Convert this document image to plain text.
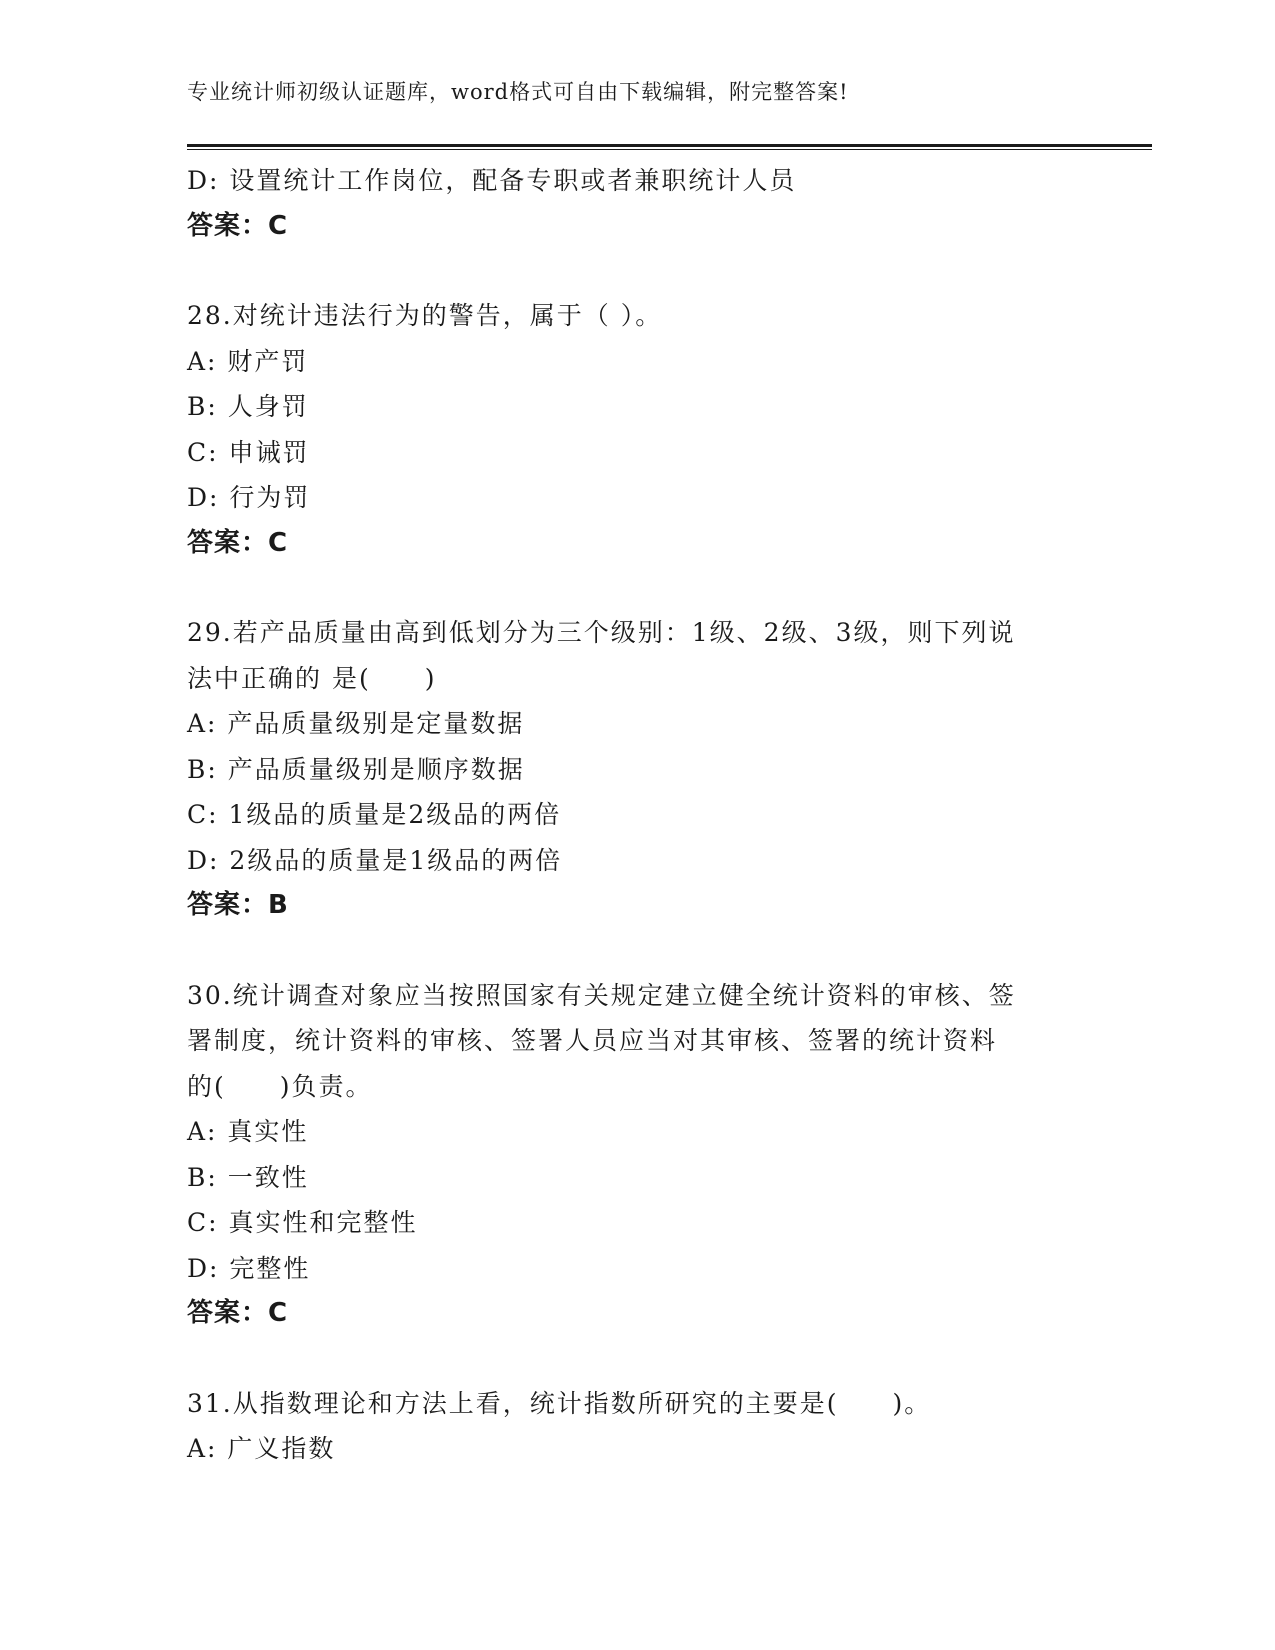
专业统计师初级认证题库，word格式可自由下载编辑，附完整答案!
D: 设置统计工作岗位，配备专职或者兼职统计人员
答案：C
28.对统计违法行为的警告，属于（ ）。
A: 财产罚
B: 人身罚
C: 申诫罚
D: 行为罚
答案：C
29.若产品质量由高到低划分为三个级别：1级、2级、3级，则下列说
法中正确的 是(　　)
A: 产品质量级别是定量数据
B: 产品质量级别是顺序数据
C: 1级品的质量是2级品的两倍
D: 2级品的质量是1级品的两倍
答案：B
30.统计调查对象应当按照国家有关规定建立健全统计资料的审核、签
署制度，统计资料的审核、签署人员应当对其审核、签署的统计资料
的(　　)负责。
A: 真实性
B: 一致性
C: 真实性和完整性
D: 完整性
答案：C
31.从指数理论和方法上看，统计指数所研究的主要是(　　)。
A: 广义指数
